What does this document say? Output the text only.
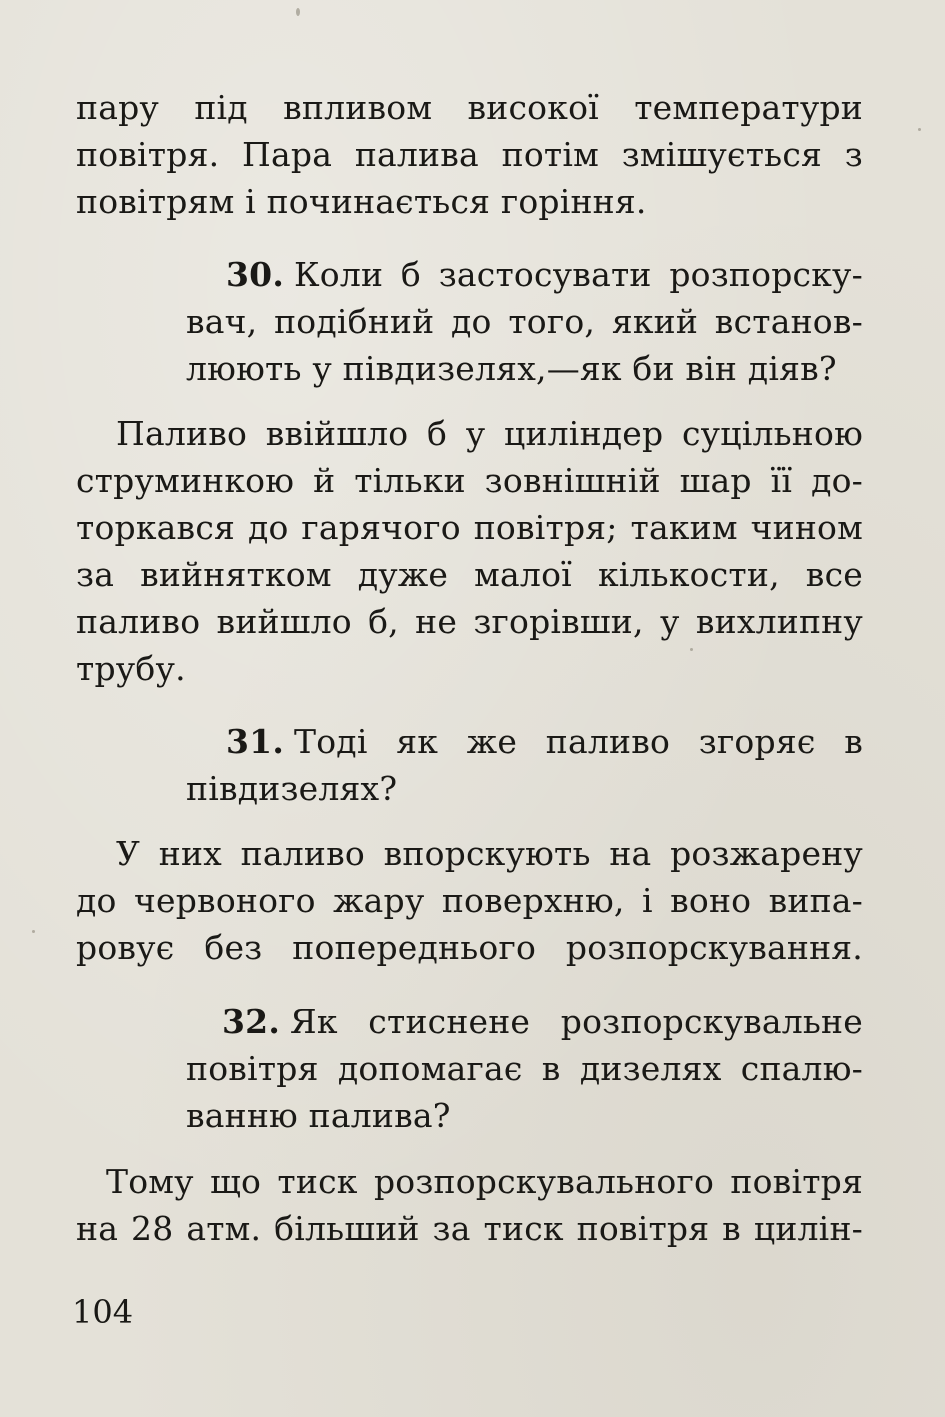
пару під впливом високої температури
повітря. Пара палива потім змішується з
повітрям і починається горіння.
30. Коли б застосувати розпорску-
вач, подібний до того, який встанов-
люють у півдизелях,—як би він діяв?
Паливо ввійшло б у циліндер суцільною
струминкою й тільки зовнішній шар її до-
торкався до гарячого повітря; таким чином
за вийнятком дуже малої кількости, все
паливо вийшло б, не згорівши, у вихлипну
трубу.
31. Тоді як же паливо згоряє в
півдизелях?
У них паливо впорскують на розжарену
до червоного жару поверхню, і воно випа-
ровує без попереднього розпорскування.
32. Як стиснене розпорскувальне
повітря допомагає в дизелях спалю-
ванню палива?
Тому що тиск розпорскувального повітря
на 28 атм. більший за тиск повітря в цилін-
104
